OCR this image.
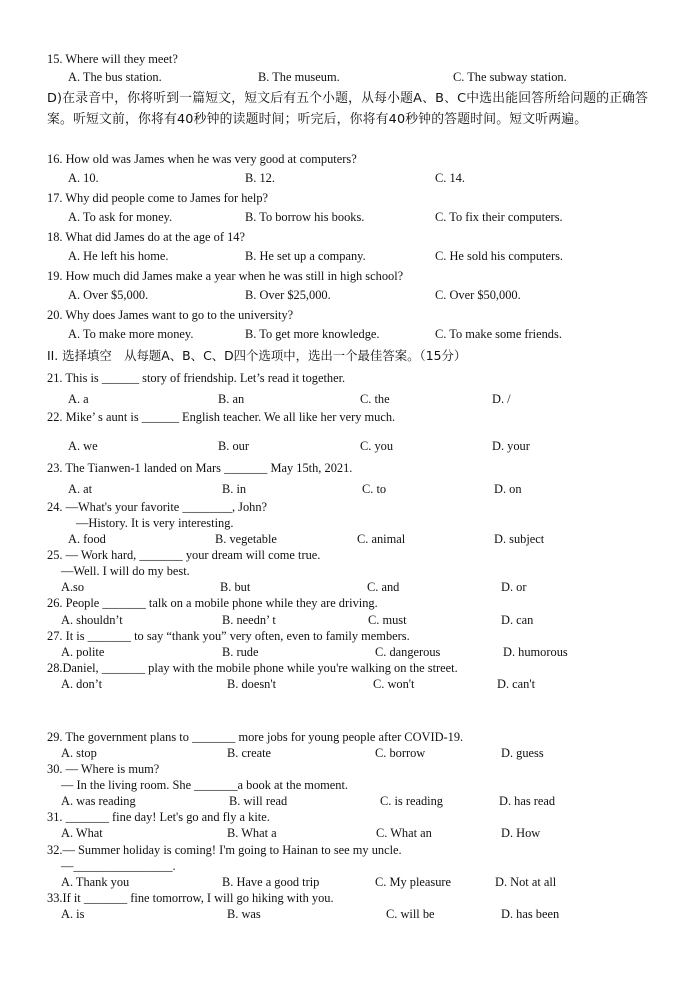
15. Where will they meet?
A. The bus station.	B. The museum.	C. The subway station.
D)在录音中，你将听到一篇短文，短文后有五个小题，从每小题A、B、C中选出能回答所给问题的正确答案。听短文前，你将有40秒钟的读题时间；听完后，你将有40秒钟的答题时间。短文听两遍。
16. How old was James when he was very good at computers?
A. 10.	B. 12.	C. 14.
17. Why did people come to James for help?
A. To ask for money.	B. To borrow his books.	C. To fix their computers.
18. What did James do at the age of 14?
A. He left his home.	B. He set up a company.	C. He sold his computers.
19. How much did James make a year when he was still in high school?
A. Over $5,000.	B. Over $25,000.	C. Over $50,000.
20. Why does James want to go to the university?
A. To make more money.	B. To get more knowledge.	C. To make some friends.
II. 选择填空　从每题A、B、C、D四个选项中，选出一个最佳答案。（15分）
21. This is ______ story of friendship. Let’s read it together.
A. a	B. an	C. the	D. /
22. Mike’ s aunt is ______ English teacher. We all like her very much.
A. we	B. our	C. you	D. your
23. The Tianwen-1 landed on Mars _______ May 15th, 2021.
A. at	B. in	C. to	D. on
24. —What's your favorite ________, John?
—History. It is very interesting.
A. food	B. vegetable	C. animal	D. subject
25. — Work hard, _______ your dream will come true.
—Well. I will do my best.
A.so	B. but	C. and	D. or
26. People _______ talk on a mobile phone while they are driving.
A. shouldn’t	B. needn’ t	C. must	D. can
27. It is _______ to say “thank you” very often, even to family members.
A. polite	B. rude	C. dangerous	D. humorous
28.Daniel, _______ play with the mobile phone while you're walking on the street.
A. don’t	B. doesn't	C. won't	D. can't
29. The government plans to _______ more jobs for young people after COVID-19.
A. stop	B. create	C. borrow	D. guess
30. — Where is mum?
— In the living room. She _______a book at the moment.
A. was reading	B. will read	C. is reading	D. has read
31. _______ fine day! Let's go and fly a kite.
A. What	B. What a	C. What an	D. How
32.— Summer holiday is coming! I'm going to Hainan to see my uncle.
—________________.
A. Thank you	B. Have a good trip	C. My pleasure	D. Not at all
33.If it _______ fine tomorrow, I will go hiking with you.
A. is	B. was	C. will be	D. has been
